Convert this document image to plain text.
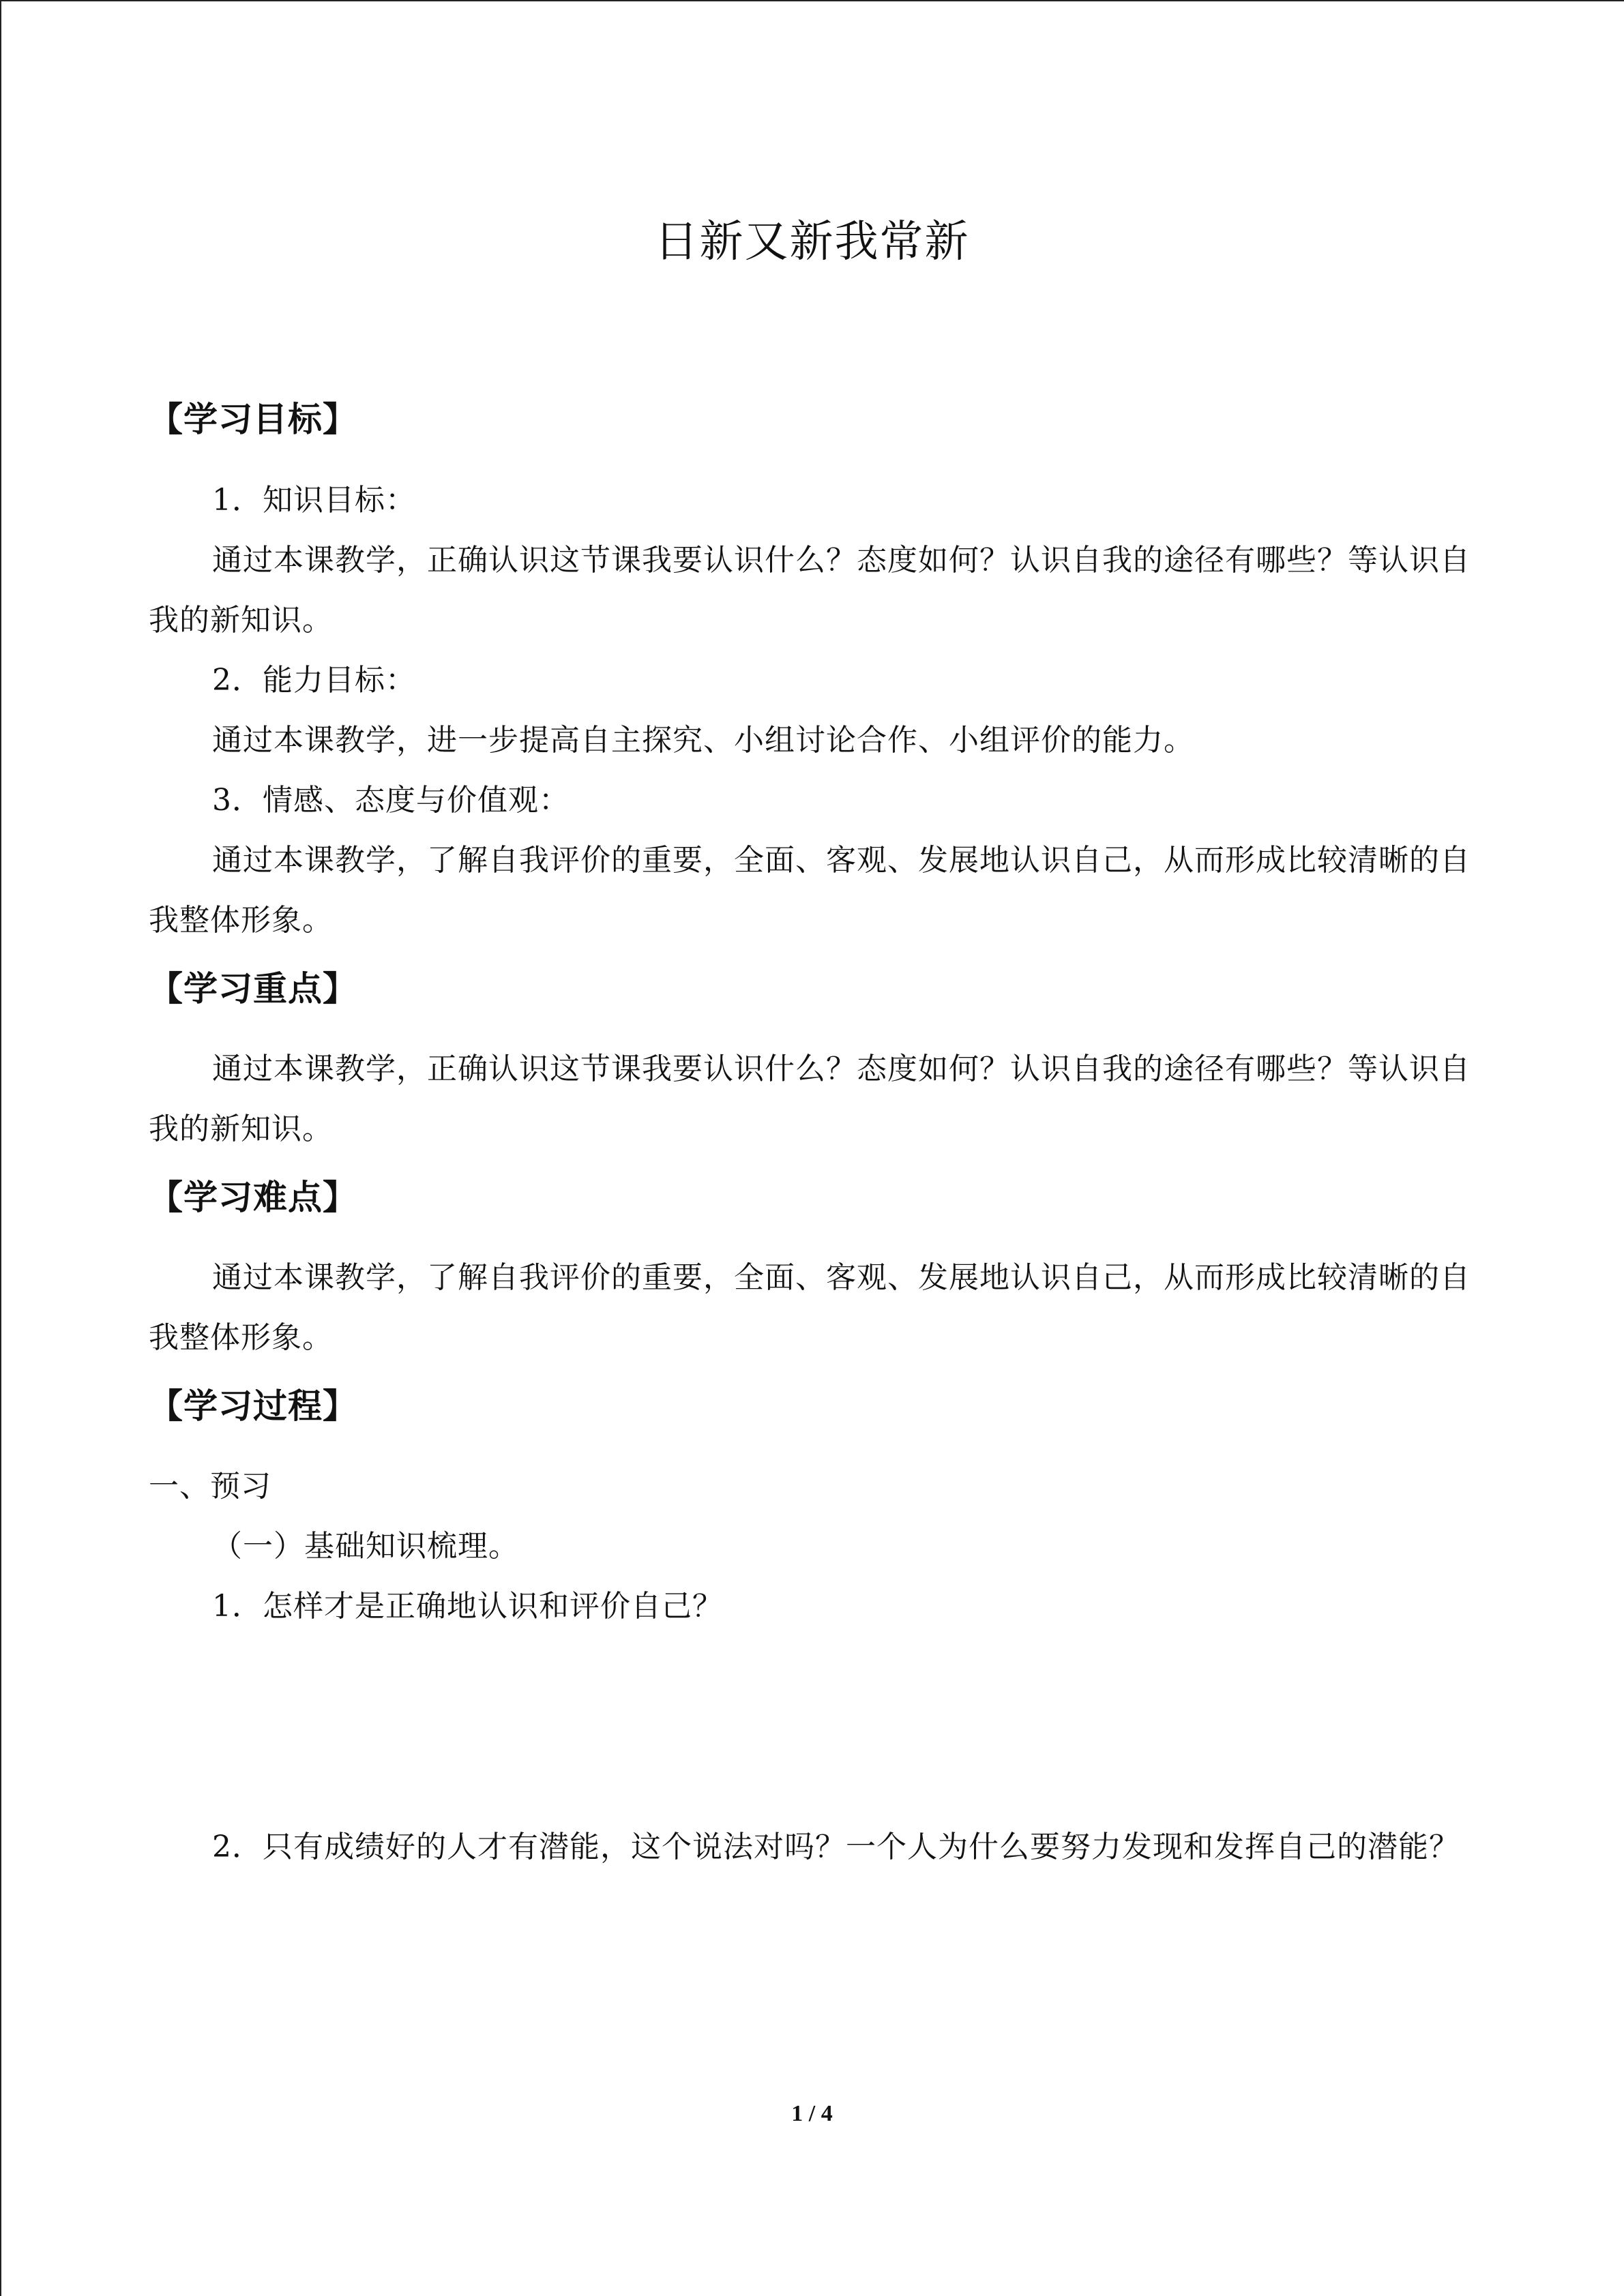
日新又新我常新
【学习目标】
1．知识目标：
通过本课教学，正确认识这节课我要认识什么？态度如何？认识自我的途径有哪些？等认识自我的新知识。
2．能力目标：
通过本课教学，进一步提高自主探究、小组讨论合作、小组评价的能力。
3．情感、态度与价值观：
通过本课教学，了解自我评价的重要，全面、客观、发展地认识自己，从而形成比较清晰的自我整体形象。
【学习重点】
通过本课教学，正确认识这节课我要认识什么？态度如何？认识自我的途径有哪些？等认识自我的新知识。
【学习难点】
通过本课教学，了解自我评价的重要，全面、客观、发展地认识自己，从而形成比较清晰的自我整体形象。
【学习过程】
一、预习
（一）基础知识梳理。
1．怎样才是正确地认识和评价自己？
2．只有成绩好的人才有潜能，这个说法对吗？一个人为什么要努力发现和发挥自己的潜能？
1 / 4
